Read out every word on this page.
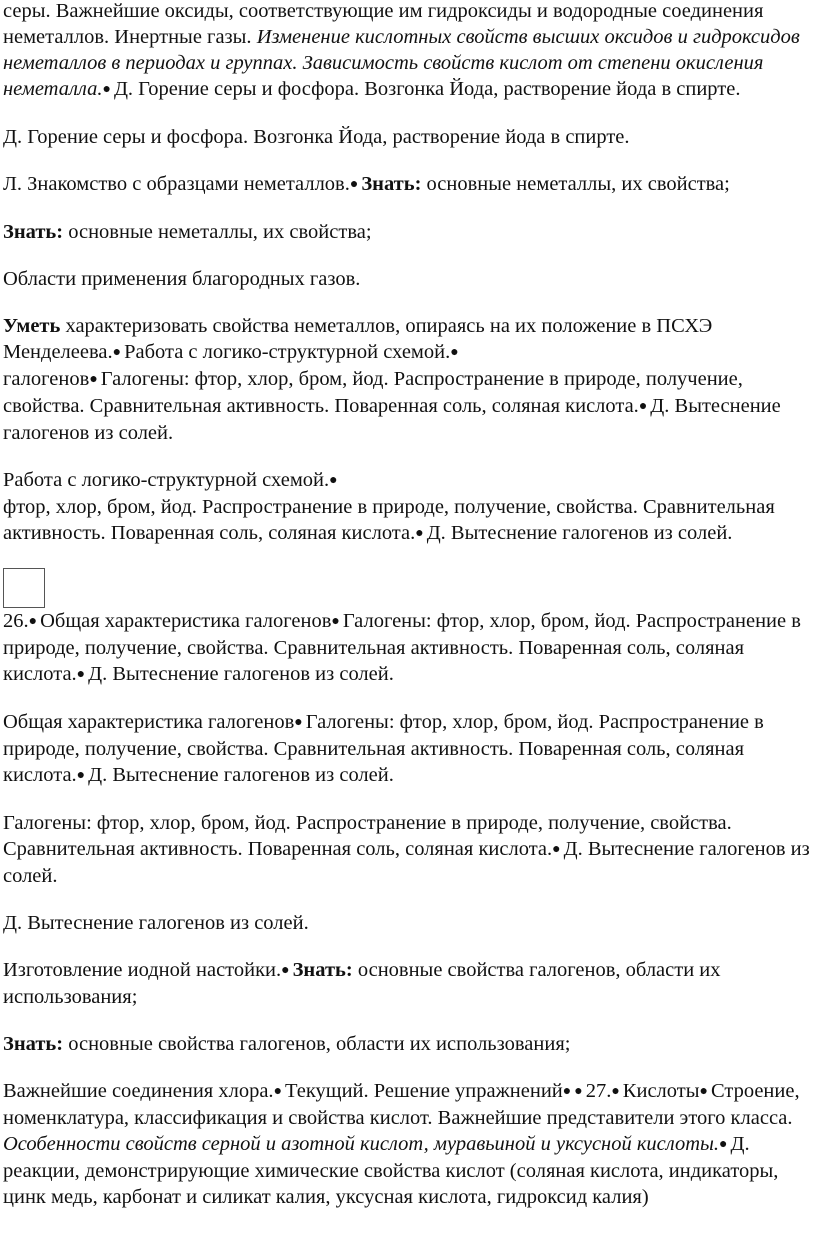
серы. Важнейшие оксиды, соответствующие им гидроксиды и водородные соединения неметаллов. Инертные газы. Изменение кислотных свойств высших оксидов и гидроксидов неметаллов в периодах и группах. Зависимость свойств кислот от степени окисления неметалла.● Д. Горение серы и фосфора. Возгонка Йода, растворение йода в спирте.

Д. Горение серы и фосфора. Возгонка Йода, растворение йода в спирте.

Л. Знакомство с образцами неметаллов.● Знать: основные неметаллы, их свойства;

Знать: основные неметаллы, их свойства;

Области применения благородных газов.

Уметь характеризовать свойства неметаллов, опираясь на их положение в ПСХЭ Менделеева.● Работа с логико-структурной схемой.●
галогенов● Галогены: фтор, хлор, бром, йод. Распространение в природе, получение, свойства. Сравнительная активность. Поваренная соль, соляная кислота.● Д. Вытеснение галогенов из солей.

Работа с логико-структурной схемой.●
фтор, хлор, бром, йод. Распространение в природе, получение, свойства. Сравнительная активность. Поваренная соль, соляная кислота.● Д. Вытеснение галогенов из солей.

26.● Общая характеристика галогенов● Галогены: фтор, хлор, бром, йод. Распространение в природе, получение, свойства. Сравнительная активность. Поваренная соль, соляная кислота.● Д. Вытеснение галогенов из солей.

Общая характеристика галогенов● Галогены: фтор, хлор, бром, йод. Распространение в природе, получение, свойства. Сравнительная активность. Поваренная соль, соляная кислота.● Д. Вытеснение галогенов из солей.

Галогены: фтор, хлор, бром, йод. Распространение в природе, получение, свойства. Сравнительная активность. Поваренная соль, соляная кислота.● Д. Вытеснение галогенов из солей.

Д. Вытеснение галогенов из солей.

Изготовление иодной настойки.● Знать: основные свойства галогенов, области их использования;

Знать: основные свойства галогенов, области их использования;

Важнейшие соединения хлора.● Текущий. Решение упражнений● ● 27.● Кислоты● Строение, номенклатура, классификация и свойства кислот. Важнейшие представители этого класса. Особенности свойств серной и азотной кислот, муравьиной и уксусной кислоты.● Д. реакции, демонстрирующие химические свойства кислот (соляная кислота, индикаторы, цинк медь, карбонат и силикат калия, уксусная кислота, гидроксид калия)
